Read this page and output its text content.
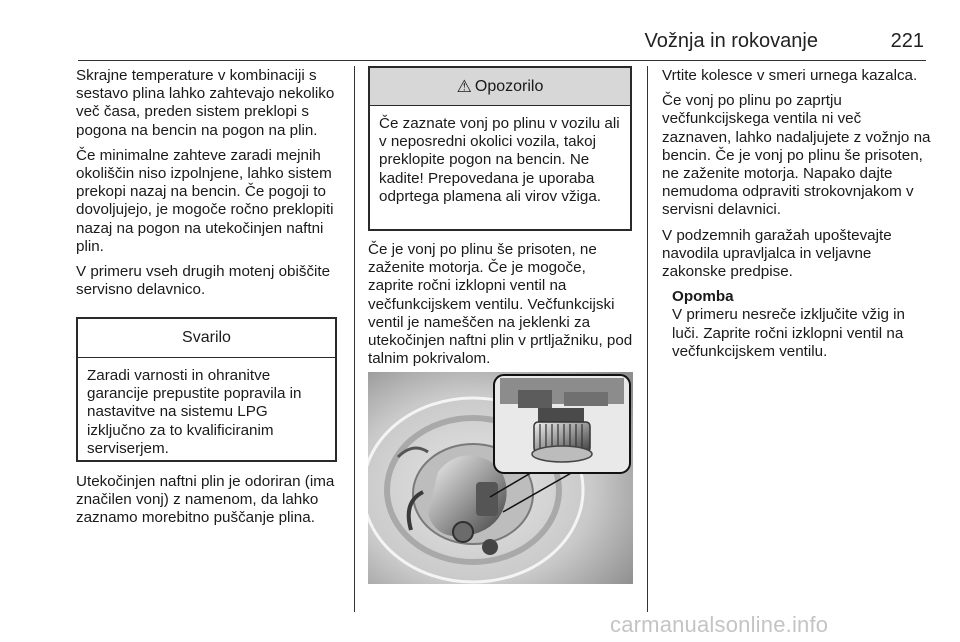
Vožnja in rokovanje	221

Skrajne temperature v kombinaciji s sestavo plina lahko zahtevajo nekoliko več časa, preden sistem preklopi s pogona na bencin na pogon na plin.

Če minimalne zahteve zaradi mejnih okoliščin niso izpolnjene, lahko sistem prekopi nazaj na bencin. Če pogoji to dovoljujejo, je mogoče ročno preklopiti nazaj na pogon na utekočinjen naftni plin.

V primeru vseh drugih motenj obiščite servisno delavnico.

Svarilo
Zaradi varnosti in ohranitve garancije prepustite popravila in nastavitve na sistemu LPG izključno za to kvalificiranim serviserjem.
Utekočinjen naftni plin je odoriran (ima značilen vonj) z namenom, da lahko zaznamo morebitno puščanje plina.
⚠ Opozorilo
Če zaznate vonj po plinu v vozilu ali v neposredni okolici vozila, takoj preklopite pogon na bencin. Ne kadite! Prepovedana je uporaba odprtega plamena ali virov vžiga.
Če je vonj po plinu še prisoten, ne zaženite motorja. Če je mogoče, zaprite ročni izklopni ventil na večfunkcijskem ventilu. Večfunkcijski ventil je nameščen na jeklenki za utekočinjen naftni plin v prtljažniku, pod talnim pokrivalom.

Vrtite kolesce v smeri urnega kazalca.

Če vonj po plinu po zaprtju večfunkcijskega ventila ni več zaznaven, lahko nadaljujete z vožnjo na bencin. Če je vonj po plinu še prisoten, ne zaženite motorja. Napako dajte nemudoma odpraviti strokovnjakom v servisni delavnici.

V podzemnih garažah upoštevajte navodila upravljalca in veljavne zakonske predpise.

Opomba
V primeru nesreče izključite vžig in luči. Zaprite ročni izklopni ventil na večfunkcijskem ventilu.
carmanualsonline.info
